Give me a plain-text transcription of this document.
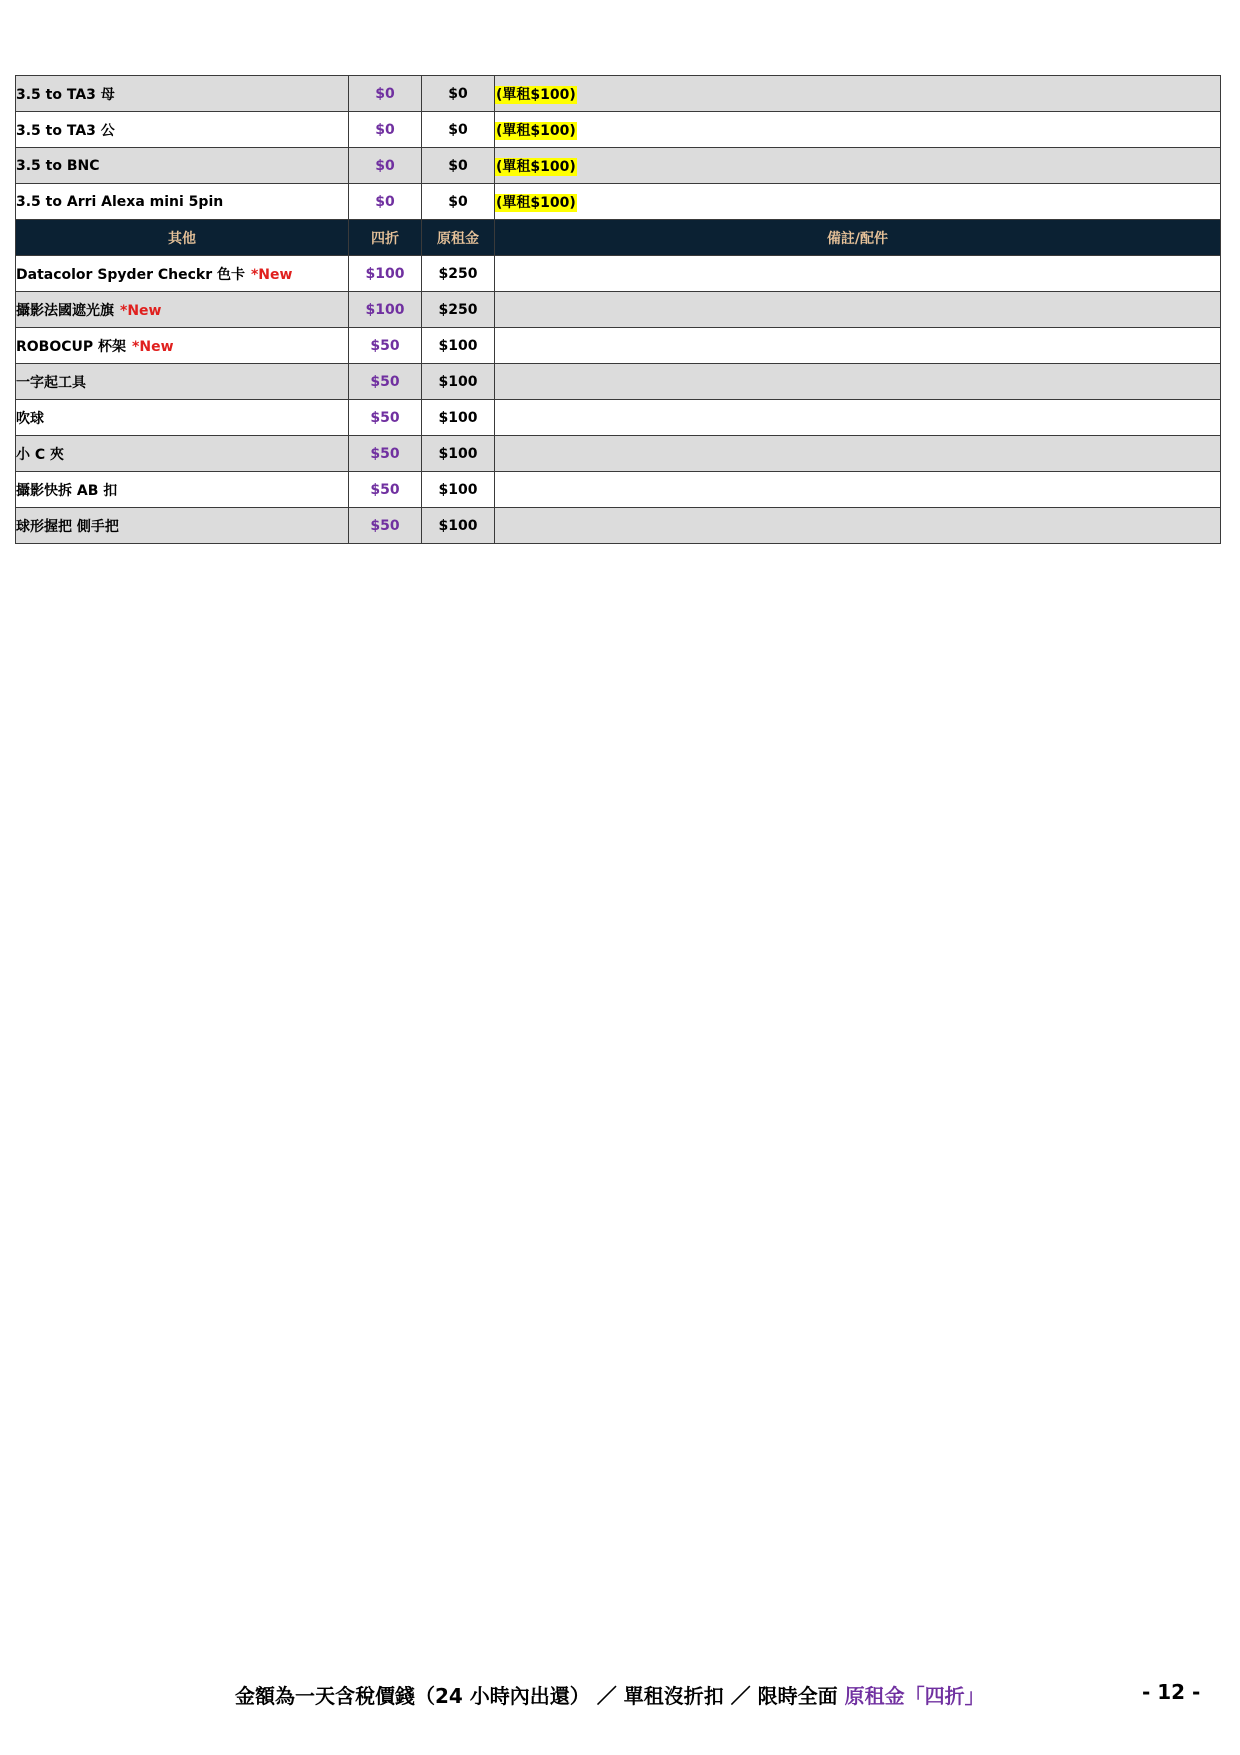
3.5 to TA3 母	$0	$0	(單租$100)
3.5 to TA3 公	$0	$0	(單租$100)
3.5 to BNC	$0	$0	(單租$100)
3.5 to Arri Alexa mini 5pin	$0	$0	(單租$100)
其他	四折	原租金	備註/配件
Datacolor Spyder Checkr 色卡 *New	$100	$250	
攝影法國遮光旗 *New	$100	$250	
ROBOCUP 杯架 *New	$50	$100	
一字起工具	$50	$100	
吹球	$50	$100	
小 C 夾	$50	$100	
攝影快拆 AB 扣	$50	$100	
球形握把 側手把	$50	$100	
金額為一天含稅價錢（24 小時內出還） ／ 單租沒折扣 ／ 限時全面 原租金「四折」	- 12 -
